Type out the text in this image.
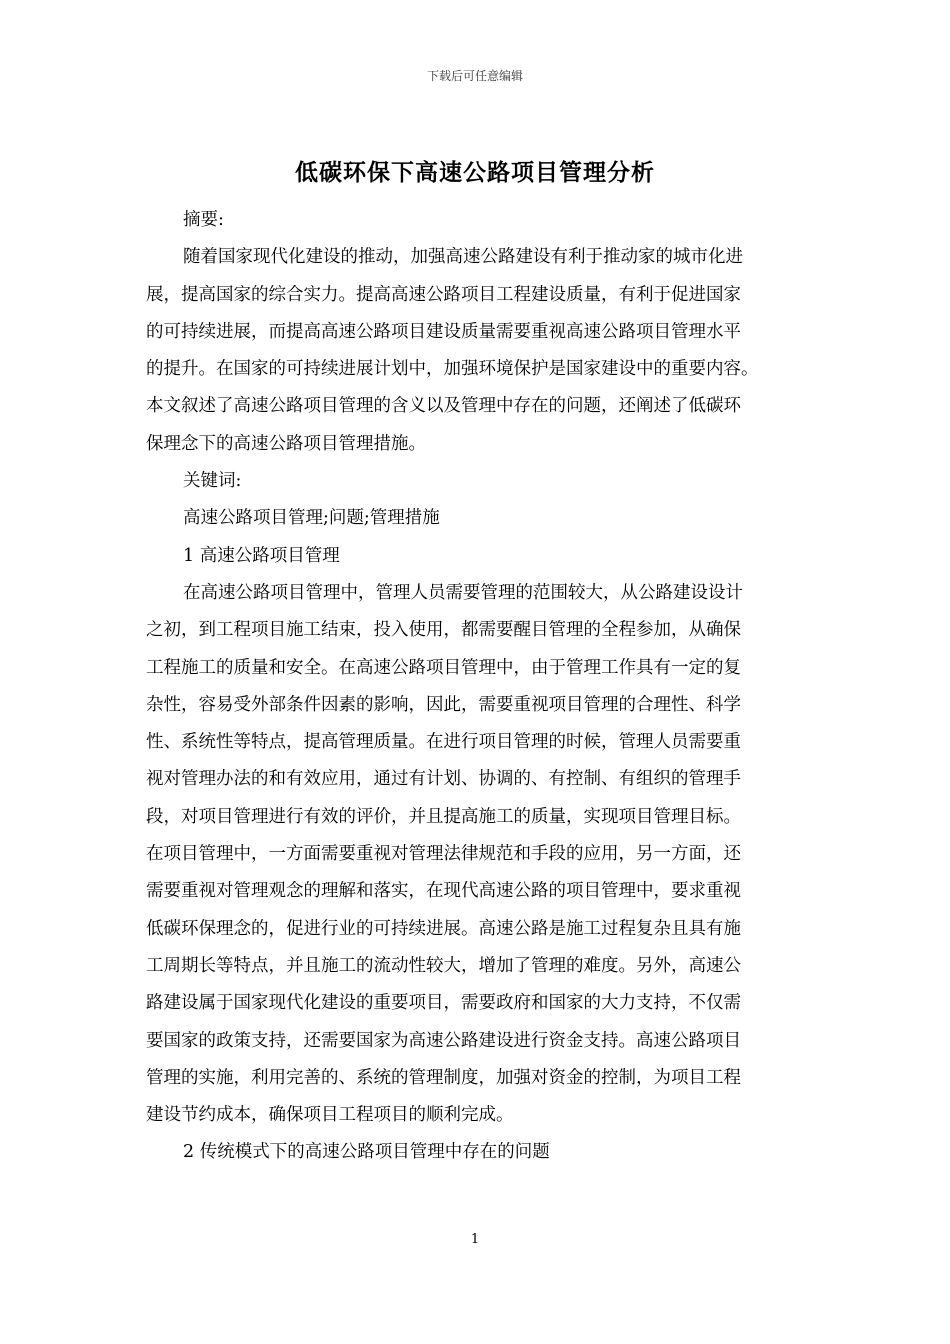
下载后可任意编辑
低碳环保下高速公路项目管理分析
摘要:
随着国家现代化建设的推动，加强高速公路建设有利于推动家的城市化进
展，提高国家的综合实力。提高高速公路项目工程建设质量，有利于促进国家
的可持续进展，而提高高速公路项目建设质量需要重视高速公路项目管理水平
的提升。在国家的可持续进展计划中，加强环境保护是国家建设中的重要内容。
本文叙述了高速公路项目管理的含义以及管理中存在的问题，还阐述了低碳环
保理念下的高速公路项目管理措施。
关键词:
高速公路项目管理;问题;管理措施
1 高速公路项目管理
在高速公路项目管理中，管理人员需要管理的范围较大，从公路建设设计
之初，到工程项目施工结束，投入使用，都需要醒目管理的全程参加，从确保
工程施工的质量和安全。在高速公路项目管理中，由于管理工作具有一定的复
杂性，容易受外部条件因素的影响，因此，需要重视项目管理的合理性、科学
性、系统性等特点，提高管理质量。在进行项目管理的时候，管理人员需要重
视对管理办法的和有效应用，通过有计划、协调的、有控制、有组织的管理手
段，对项目管理进行有效的评价，并且提高施工的质量，实现项目管理目标。
在项目管理中，一方面需要重视对管理法律规范和手段的应用，另一方面，还
需要重视对管理观念的理解和落实，在现代高速公路的项目管理中，要求重视
低碳环保理念的，促进行业的可持续进展。高速公路是施工过程复杂且具有施
工周期长等特点，并且施工的流动性较大，增加了管理的难度。另外，高速公
路建设属于国家现代化建设的重要项目，需要政府和国家的大力支持，不仅需
要国家的政策支持，还需要国家为高速公路建设进行资金支持。高速公路项目
管理的实施，利用完善的、系统的管理制度，加强对资金的控制，为项目工程
建设节约成本，确保项目工程项目的顺利完成。
2 传统模式下的高速公路项目管理中存在的问题
1
